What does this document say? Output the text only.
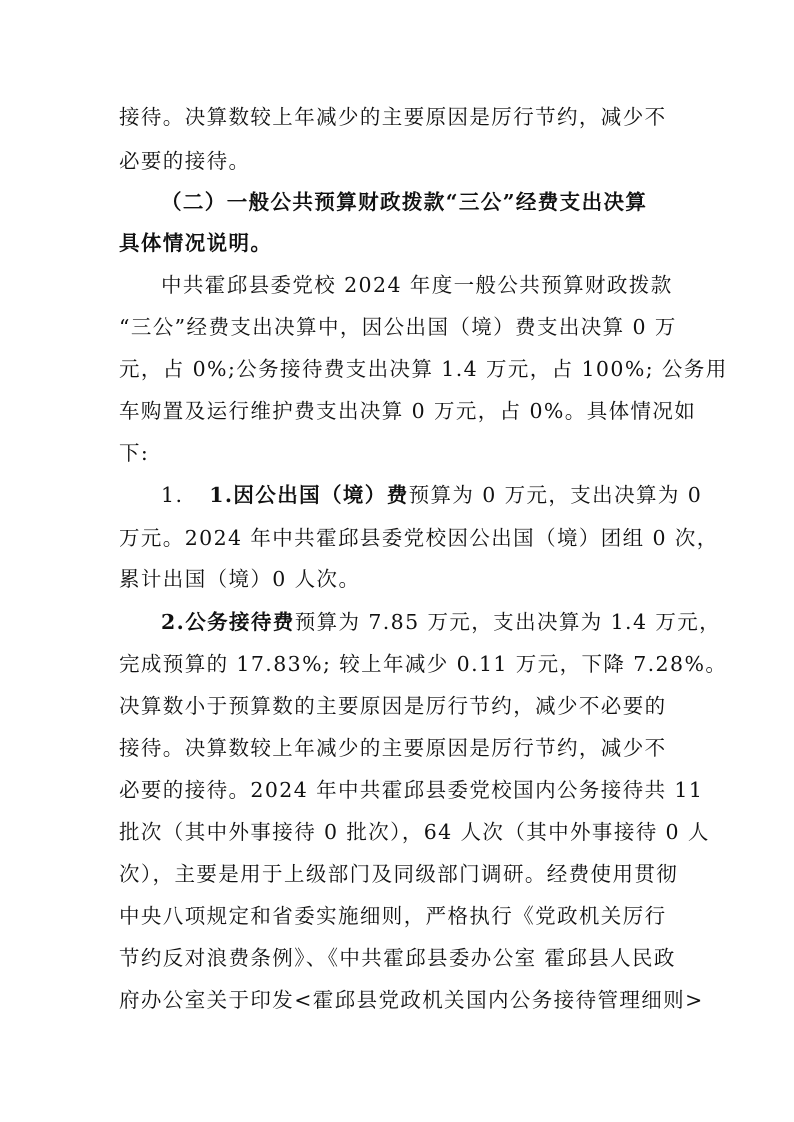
接待。决算数较上年减少的主要原因是厉行节约，减少不
必要的接待。
（二）一般公共预算财政拨款“三公”经费支出决算
具体情况说明。
中共霍邱县委党校 2024 年度一般公共预算财政拨款
“三公”经费支出决算中，因公出国（境）费支出决算 0 万
元，占 0%;公务接待费支出决算 1.4 万元，占 100%; 公务用
车购置及运行维护费支出决算 0 万元，占 0%。具体情况如
下:
1. 1.因公出国（境）费预算为 0 万元，支出决算为 0
万元。2024 年中共霍邱县委党校因公出国（境）团组 0 次，
累计出国（境）0 人次。
2.公务接待费预算为 7.85 万元，支出决算为 1.4 万元，
完成预算的 17.83%; 较上年减少 0.11 万元，下降 7.28%。
决算数小于预算数的主要原因是厉行节约，减少不必要的
接待。决算数较上年减少的主要原因是厉行节约，减少不
必要的接待。2024 年中共霍邱县委党校国内公务接待共 11
批次（其中外事接待 0 批次），64 人次（其中外事接待 0 人
次），主要是用于上级部门及同级部门调研。经费使用贯彻
中央八项规定和省委实施细则，严格执行《党政机关厉行
节约反对浪费条例》、《中共霍邱县委办公室 霍邱县人民政
府办公室关于印发<霍邱县党政机关国内公务接待管理细则>
